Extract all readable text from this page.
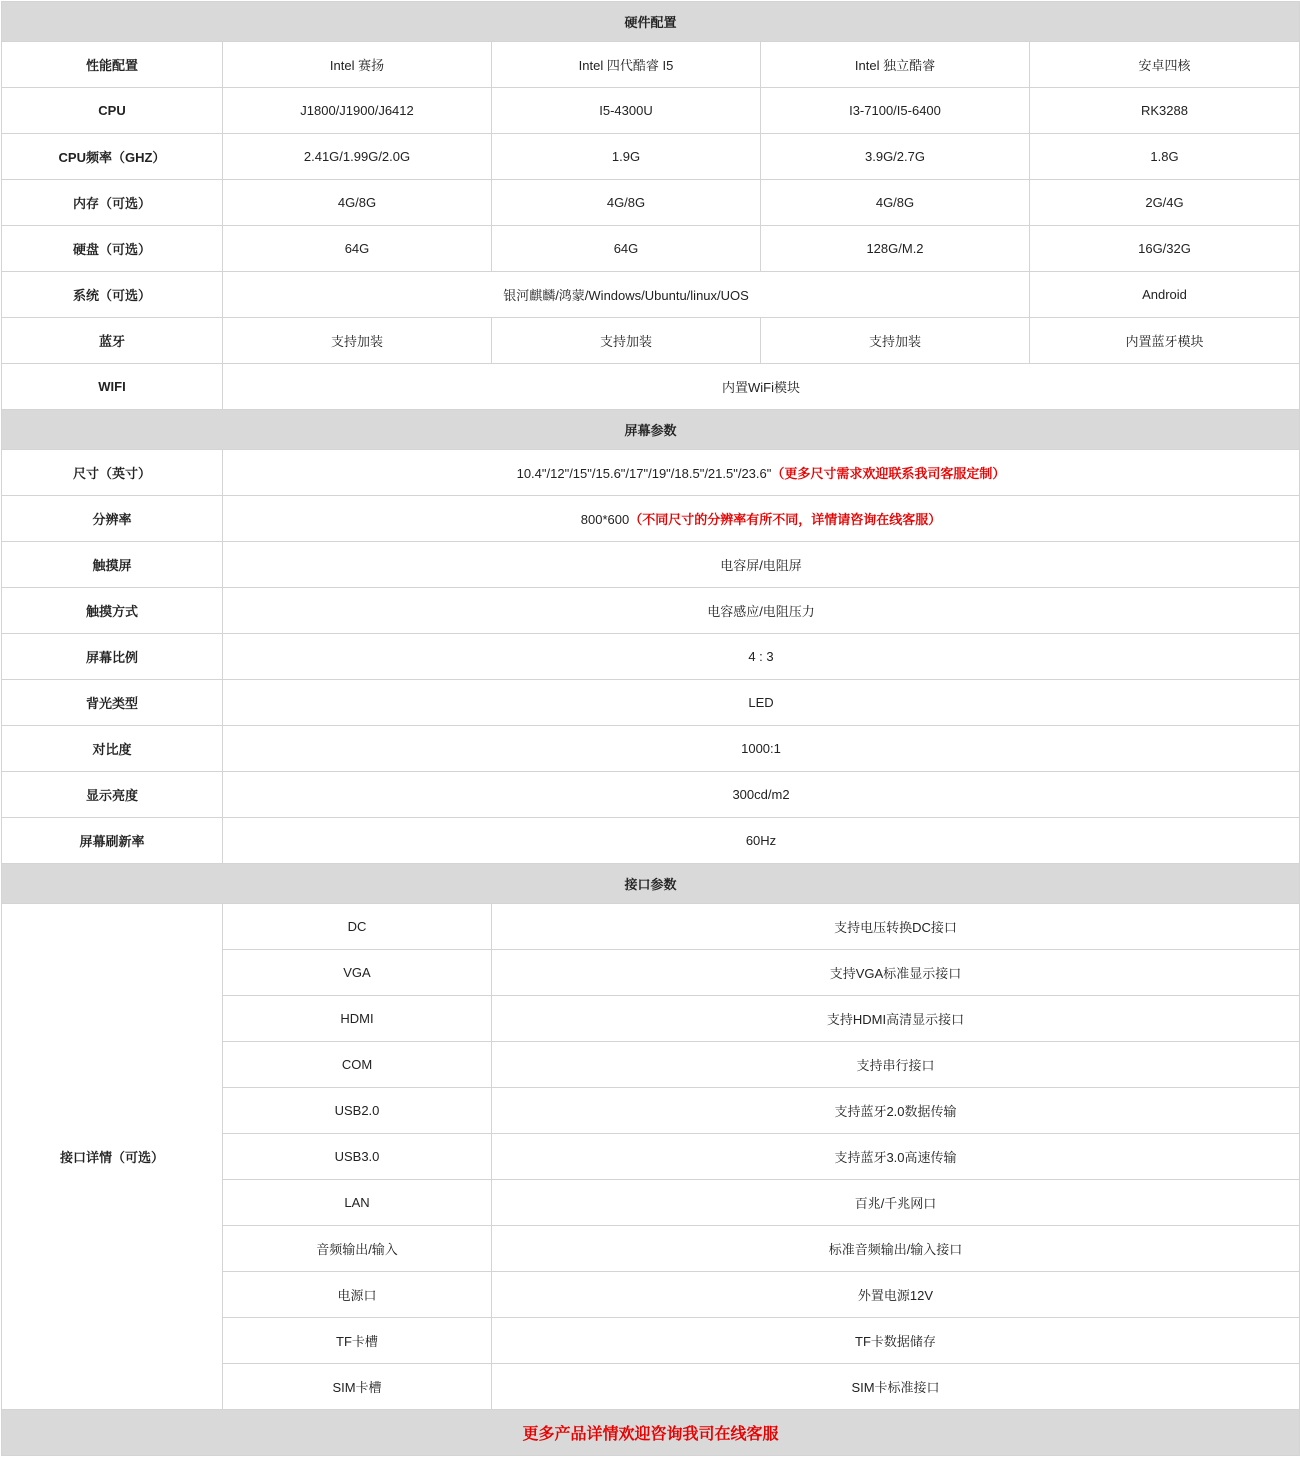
硬件配置				
性能配置	Intel 赛扬	Intel 四代酷睿 I5	Intel 独立酷睿	安卓四核
CPU	J1800/J1900/J6412	I5-4300U	I3-7100/I5-6400	RK3288
CPU频率（GHZ）	2.41G/1.99G/2.0G	1.9G	3.9G/2.7G	1.8G
内存（可选）	4G/8G	4G/8G	4G/8G	2G/4G
硬盘（可选）	64G	64G	128G/M.2	16G/32G
系统（可选）	银河麒麟/鸿蒙/Windows/Ubuntu/linux/UOS			Android
蓝牙	支持加装	支持加装	支持加装	内置蓝牙模块
WIFI	内置WiFi模块			
屏幕参数				
尺寸（英寸）	10.4"/12"/15"/15.6"/17"/19"/18.5"/21.5"/23.6"（更多尺寸需求欢迎联系我司客服定制）			
分辨率	800*600（不同尺寸的分辨率有所不同，详情请咨询在线客服）			
触摸屏	电容屏/电阻屏			
触摸方式	电容感应/电阻压力			
屏幕比例	4 : 3			
背光类型	LED			
对比度	1000:1			
显示亮度	300cd/m2			
屏幕刷新率	60Hz			
接口参数				
接口详情（可选）	DC	支持电压转换DC接口		
	VGA	支持VGA标准显示接口		
	HDMI	支持HDMI高清显示接口		
	COM	支持串行接口		
	USB2.0	支持蓝牙2.0数据传输		
	USB3.0	支持蓝牙3.0高速传输		
	LAN	百兆/千兆网口		
	音频输出/输入	标准音频输出/输入接口		
	电源口	外置电源12V		
	TF卡槽	TF卡数据储存		
	SIM卡槽	SIM卡标准接口		
更多产品详情欢迎咨询我司在线客服				
